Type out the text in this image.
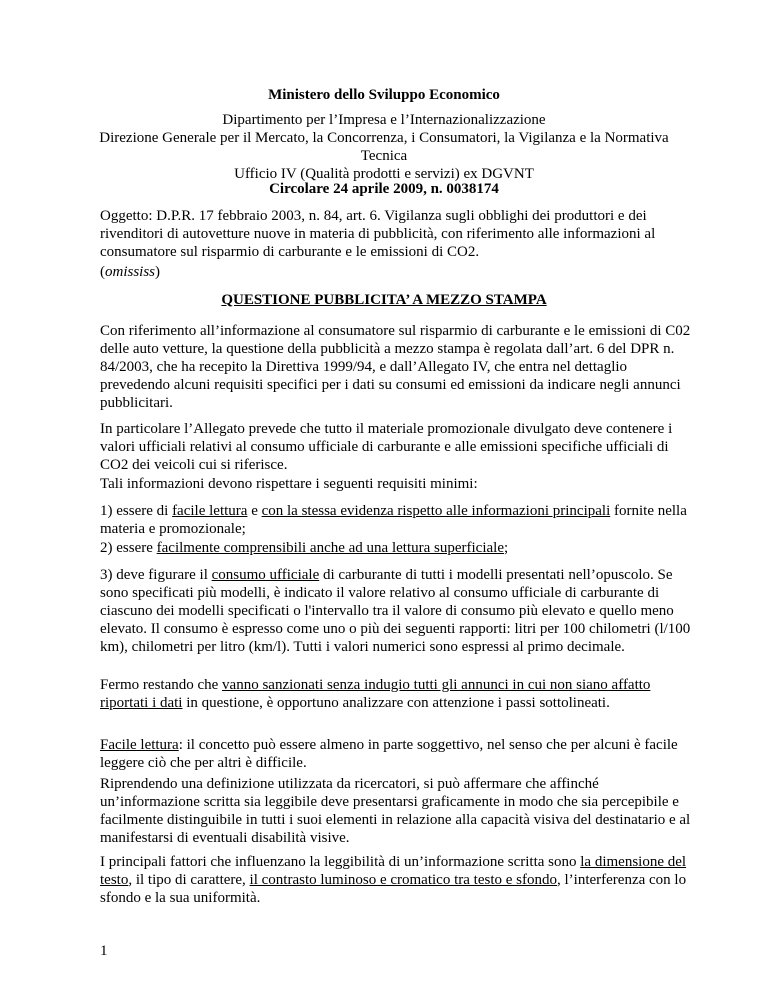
Ministero dello Sviluppo Economico

Dipartimento per l’Impresa e l’Internazionalizzazione

Direzione Generale per il Mercato, la Concorrenza, i Consumatori, la Vigilanza e la Normativa

Tecnica

Ufficio IV (Qualità prodotti e servizi) ex DGVNT

Circolare 24 aprile 2009, n. 0038174

Oggetto: D.P.R. 17 febbraio 2003, n. 84, art. 6. Vigilanza sugli obblighi dei produttori e dei rivenditori di autovetture nuove in materia di pubblicità, con riferimento alle informazioni al consumatore sul risparmio di carburante e le emissioni di CO2.

(omississ)

QUESTIONE PUBBLICITA’ A MEZZO STAMPA

Con riferimento all’informazione al consumatore sul risparmio di carburante e le emissioni di C02 delle auto vetture, la questione della pubblicità a mezzo stampa è regolata dall’art. 6 del DPR n. 84/2003, che ha recepito la Direttiva 1999/94, e dall’Allegato IV, che entra nel dettaglio prevedendo alcuni requisiti specifici per i dati su consumi ed emissioni da indicare negli annunci pubblicitari.

In particolare l’Allegato prevede che tutto il materiale promozionale divulgato deve contenere i valori ufficiali relativi al consumo ufficiale di carburante e alle emissioni specifiche ufficiali di CO2 dei veicoli cui si riferisce.

Tali informazioni devono rispettare i seguenti requisiti minimi:

1) essere di facile lettura e con la stessa evidenza rispetto alle informazioni principali fornite nella materia e promozionale;

2) essere facilmente comprensibili anche ad una lettura superficiale;

3) deve figurare il consumo ufficiale di carburante di tutti i modelli presentati nell’opuscolo. Se sono specificati più modelli, è indicato il valore relativo al consumo ufficiale di carburante di ciascuno dei modelli specificati o l'intervallo tra il valore di consumo più elevato e quello meno elevato. Il consumo è espresso come uno o più dei seguenti rapporti: litri per 100 chilometri (l/100 km), chilometri per litro (km/l). Tutti i valori numerici sono espressi al primo decimale.

Fermo restando che vanno sanzionati senza indugio tutti gli annunci in cui non siano affatto riportati i dati in questione, è opportuno analizzare con attenzione i passi sottolineati.

Facile lettura: il concetto può essere almeno in parte soggettivo, nel senso che per alcuni è facile leggere ciò che per altri è difficile.

Riprendendo una definizione utilizzata da ricercatori, si può affermare che affinché un’informazione scritta sia leggibile deve presentarsi graficamente in modo che sia percepibile e facilmente distinguibile in tutti i suoi elementi in relazione alla capacità visiva del destinatario e al manifestarsi di eventuali disabilità visive.

I principali fattori che influenzano la leggibilità di un’informazione scritta sono la dimensione del testo, il tipo di carattere, il contrasto luminoso e cromatico tra testo e sfondo, l’interferenza con lo sfondo e la sua uniformità.

1
